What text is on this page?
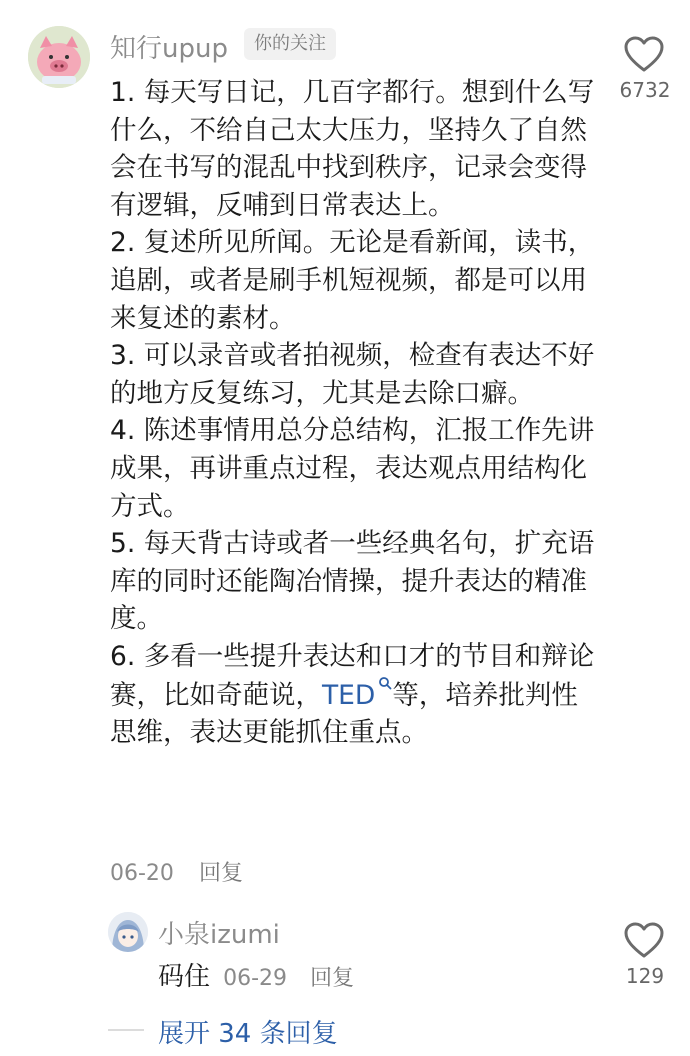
知行upup	你的关注
6732

1. 每天写日记，几百字都行。想到什么写什么，不给自己太大压力，坚持久了自然会在书写的混乱中找到秩序，记录会变得有逻辑，反哺到日常表达上。

2. 复述所见所闻。无论是看新闻，读书，追剧，或者是刷手机短视频，都是可以用来复述的素材。

3. 可以录音或者拍视频，检查有表达不好的地方反复练习，尤其是去除口癖。

4. 陈述事情用总分总结构，汇报工作先讲成果，再讲重点过程，表达观点用结构化方式。

5. 每天背古诗或者一些经典名句，扩充语库的同时还能陶冶情操，提升表达的精准度。

6. 多看一些提升表达和口才的节目和辩论赛，比如奇葩说，TED 等，培养批判性思维，表达更能抓住重点。

06-20 回复
小泉izumi
码住 06-29 回复	129
展开 34 条回复
